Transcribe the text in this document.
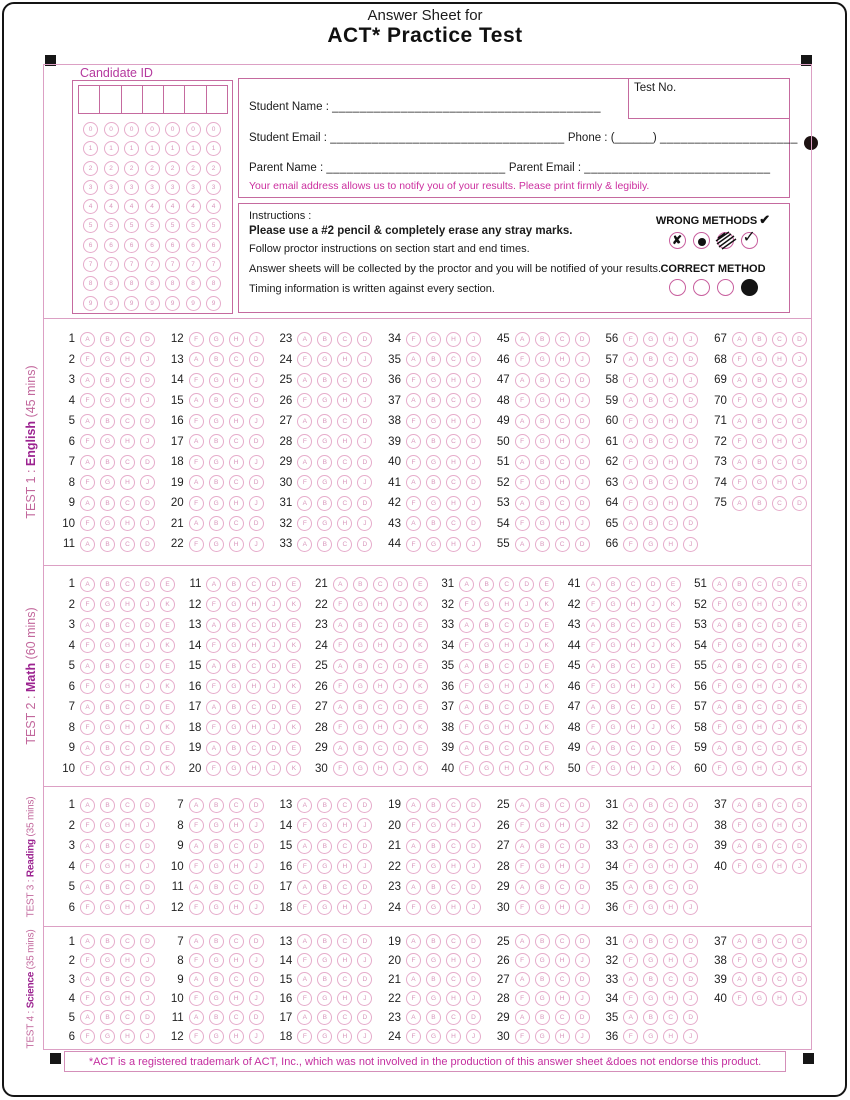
Answer Sheet for
ACT* Practice Test
Candidate ID
0	0	0	0	0	0	0
1	1	1	1	1	1	1
2	2	2	2	2	2	2
3	3	3	3	3	3	3
4	4	4	4	4	4	4
5	5	5	5	5	5	5
6	6	6	6	6	6	6
7	7	7	7	7	7	7
8	8	8	8	8	8	8
9	9	9	9	9	9	9
Student Name : _______________________________________
Student Email : __________________________________ Phone : (______) ____________________
Parent Name : __________________________ Parent Email : ___________________________
Your email address allows us to notify you of your results. Please print firmly & legibily.
Test No.
Instructions :
Please use a #2 pencil & completely erase any stray marks.
Follow proctor instructions on section start and end times.
Answer sheets will be collected by the proctor and you will be notified of your results.
Timing information is written against every section.
WRONG METHODS ✔
✘	✓
CORRECT METHOD
TEST 1 : English (45 mins)
1	A	B	C	D
2	F	G	H	J
3	A	B	C	D
4	F	G	H	J
5	A	B	C	D
6	F	G	H	J
7	A	B	C	D
8	F	G	H	J
9	A	B	C	D
10	F	G	H	J
11	A	B	C	D
12	F	G	H	J
13	A	B	C	D
14	F	G	H	J
15	A	B	C	D
16	F	G	H	J
17	A	B	C	D
18	F	G	H	J
19	A	B	C	D
20	F	G	H	J
21	A	B	C	D
22	F	G	H	J
23	A	B	C	D
24	F	G	H	J
25	A	B	C	D
26	F	G	H	J
27	A	B	C	D
28	F	G	H	J
29	A	B	C	D
30	F	G	H	J
31	A	B	C	D
32	F	G	H	J
33	A	B	C	D
34	F	G	H	J
35	A	B	C	D
36	F	G	H	J
37	A	B	C	D
38	F	G	H	J
39	A	B	C	D
40	F	G	H	J
41	A	B	C	D
42	F	G	H	J
43	A	B	C	D
44	F	G	H	J
45	A	B	C	D
46	F	G	H	J
47	A	B	C	D
48	F	G	H	J
49	A	B	C	D
50	F	G	H	J
51	A	B	C	D
52	F	G	H	J
53	A	B	C	D
54	F	G	H	J
55	A	B	C	D
56	F	G	H	J
57	A	B	C	D
58	F	G	H	J
59	A	B	C	D
60	F	G	H	J
61	A	B	C	D
62	F	G	H	J
63	A	B	C	D
64	F	G	H	J
65	A	B	C	D
66	F	G	H	J
67	A	B	C	D
68	F	G	H	J
69	A	B	C	D
70	F	G	H	J
71	A	B	C	D
72	F	G	H	J
73	A	B	C	D
74	F	G	H	J
75	A	B	C	D
TEST 2 : Math (60 mins)
1	A	B	C	D	E
2	F	G	H	J	K
3	A	B	C	D	E
4	F	G	H	J	K
5	A	B	C	D	E
6	F	G	H	J	K
7	A	B	C	D	E
8	F	G	H	J	K
9	A	B	C	D	E
10	F	G	H	J	K
11	A	B	C	D	E
12	F	G	H	J	K
13	A	B	C	D	E
14	F	G	H	J	K
15	A	B	C	D	E
16	F	G	H	J	K
17	A	B	C	D	E
18	F	G	H	J	K
19	A	B	C	D	E
20	F	G	H	J	K
21	A	B	C	D	E
22	F	G	H	J	K
23	A	B	C	D	E
24	F	G	H	J	K
25	A	B	C	D	E
26	F	G	H	J	K
27	A	B	C	D	E
28	F	G	H	J	K
29	A	B	C	D	E
30	F	G	H	J	K
31	A	B	C	D	E
32	F	G	H	J	K
33	A	B	C	D	E
34	F	G	H	J	K
35	A	B	C	D	E
36	F	G	H	J	K
37	A	B	C	D	E
38	F	G	H	J	K
39	A	B	C	D	E
40	F	G	H	J	K
41	A	B	C	D	E
42	F	G	H	J	K
43	A	B	C	D	E
44	F	G	H	J	K
45	A	B	C	D	E
46	F	G	H	J	K
47	A	B	C	D	E
48	F	G	H	J	K
49	A	B	C	D	E
50	F	G	H	J	K
51	A	B	C	D	E
52	F	G	H	J	K
53	A	B	C	D	E
54	F	G	H	J	K
55	A	B	C	D	E
56	F	G	H	J	K
57	A	B	C	D	E
58	F	G	H	J	K
59	A	B	C	D	E
60	F	G	H	J	K
TEST 3 : Reading (35 mins)	1	A	B	C	D
2	F	G	H	J
3	A	B	C	D
4	F	G	H	J
5	A	B	C	D
6	F	G	H	J
7	A	B	C	D
8	F	G	H	J
9	A	B	C	D
10	F	G	H	J
11	A	B	C	D
12	F	G	H	J
13	A	B	C	D
14	F	G	H	J
15	A	B	C	D
16	F	G	H	J
17	A	B	C	D
18	F	G	H	J
19	A	B	C	D
20	F	G	H	J
21	A	B	C	D
22	F	G	H	J
23	A	B	C	D
24	F	G	H	J
25	A	B	C	D
26	F	G	H	J
27	A	B	C	D
28	F	G	H	J
29	A	B	C	D
30	F	G	H	J
31	A	B	C	D
32	F	G	H	J
33	A	B	C	D
34	F	G	H	J
35	A	B	C	D
36	F	G	H	J
37	A	B	C	D
38	F	G	H	J
39	A	B	C	D
40	F	G	H	J
TEST 4 : Science (35 mins)	1	A	B	C	D
2	F	G	H	J
3	A	B	C	D
4	F	G	H	J
5	A	B	C	D
6	F	G	H	J
7	A	B	C	D
8	F	G	H	J
9	A	B	C	D
10	F	G	H	J
11	A	B	C	D
12	F	G	H	J
13	A	B	C	D
14	F	G	H	J
15	A	B	C	D
16	F	G	H	J
17	A	B	C	D
18	F	G	H	J
19	A	B	C	D
20	F	G	H	J
21	A	B	C	D
22	F	G	H	J
23	A	B	C	D
24	F	G	H	J
25	A	B	C	D
26	F	G	H	J
27	A	B	C	D
28	F	G	H	J
29	A	B	C	D
30	F	G	H	J
31	A	B	C	D
32	F	G	H	J
33	A	B	C	D
34	F	G	H	J
35	A	B	C	D
36	F	G	H	J
37	A	B	C	D
38	F	G	H	J
39	A	B	C	D
40	F	G	H	J
*ACT is a registered trademark of ACT, Inc., which was not involved in the production of this answer sheet &does not endorse this product.
